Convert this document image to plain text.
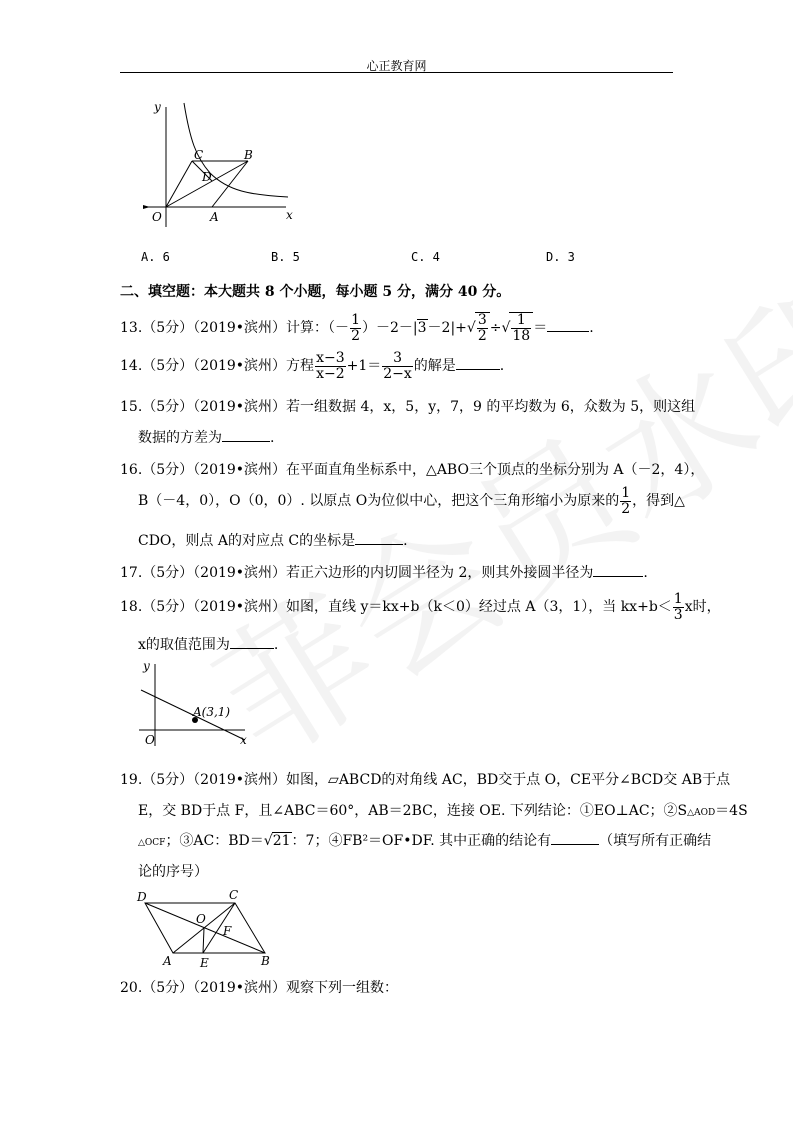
心正教育网
y
x
O	A
B
C
D
A. 6	B. 5	C. 4	D. 3
二、填空题：本大题共 8 个小题，每小题 5 分，满分 40 分。
13.（5分）（2019•滨州）计算：（－ $\frac{1}{2} )-2-|3-2|+√ \frac{3}{2}$ ÷√ $\frac{1}{18}$ ＝	.
14.（5分）（2019•滨州）方程 $\frac{x-3}{x-2} +1= \frac{3}{2-x}$ 的解是	.
15.（5分）（2019•滨州）若一组数据 4，x，5，y，7，9 的平均数为 6，众数为 5，则这组
数据的方差为	.
16.（5分）（2019•滨州）在平面直角坐标系中，△ABO三个顶点的坐标分别为 A（－2，4），
B（－4，0），O（0，0）. 以原点 O为位似中心，把这个三角形缩小为原来的 $\frac{1}{2}$ ，得到△
CDO，则点 A的对应点 C的坐标是	.
17.（5分）（2019•滨州）若正六边形的内切圆半径为 2，则其外接圆半径为	.
18.（5分）（2019•滨州）如图，直线 y＝kx+b（k＜0）经过点 A（3，1），当 $kx+b< \frac{1}{3}$ x时，
x的取值范围为	.
y
x
O
A(3,1)
19.（5分）（2019•滨州）如图，▱ABCD的对角线 AC，BD交于点 O，CE平分∠BCD交 AB于点
E，交 BD于点 F，且∠ABC＝60°，AB＝2BC，连接 OE. 下列结论：①EO⊥AC；②S△AOD＝4S
△OCF；③AC：BD＝√21：7；④FB²＝OF•DF. 其中正确的结论有	（填写所有正确结
论的序号）
D	C
O
F
A E	B
20.（5分）（2019•滨州）观察下列一组数：
